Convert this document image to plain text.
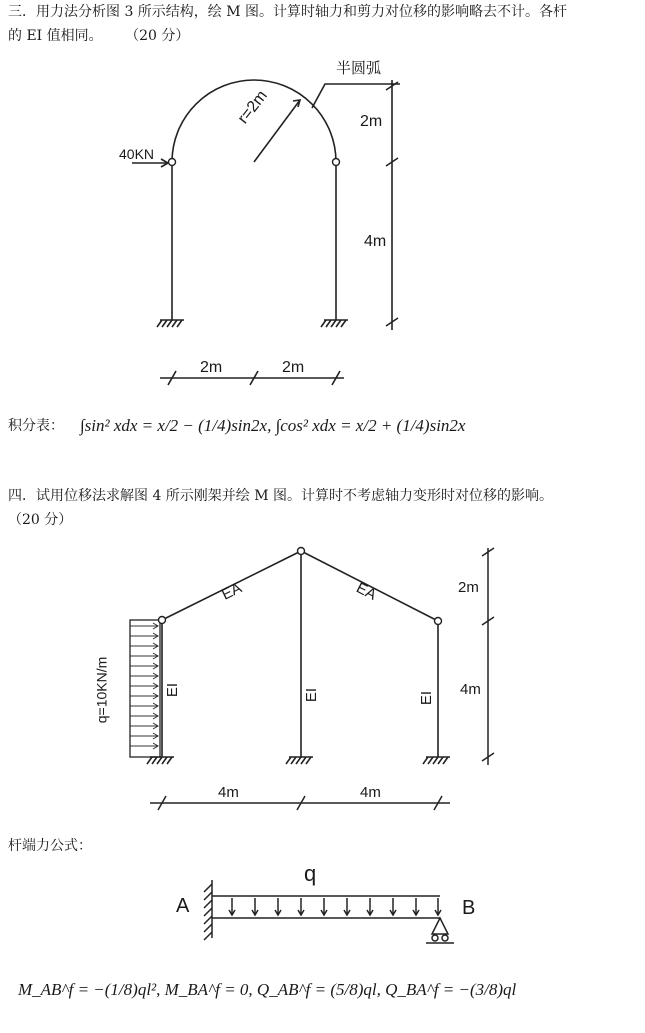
三．用力法分析图 3 所示结构，绘 M 图。计算时轴力和剪力对位移的影响略去不计。各杆
的 EI 值相同。 （20 分）
半圆弧
r=2m
40KN
2m
4m
2m	2m
积分表： ∫sin² xdx = x/2 − (1/4)sin2x, ∫cos² xdx = x/2 + (1/4)sin2x
四．试用位移法求解图 4 所示刚架并绘 M 图。计算时不考虑轴力变形时对位移的影响。
（20 分）
EA	EA
EI	EI	EI
q=10KN/m
2m
4m
4m	4m
杆端力公式：
A	B
q
M_AB^f = −(1/8)ql², M_BA^f = 0, Q_AB^f = (5/8)ql, Q_BA^f = −(3/8)ql
